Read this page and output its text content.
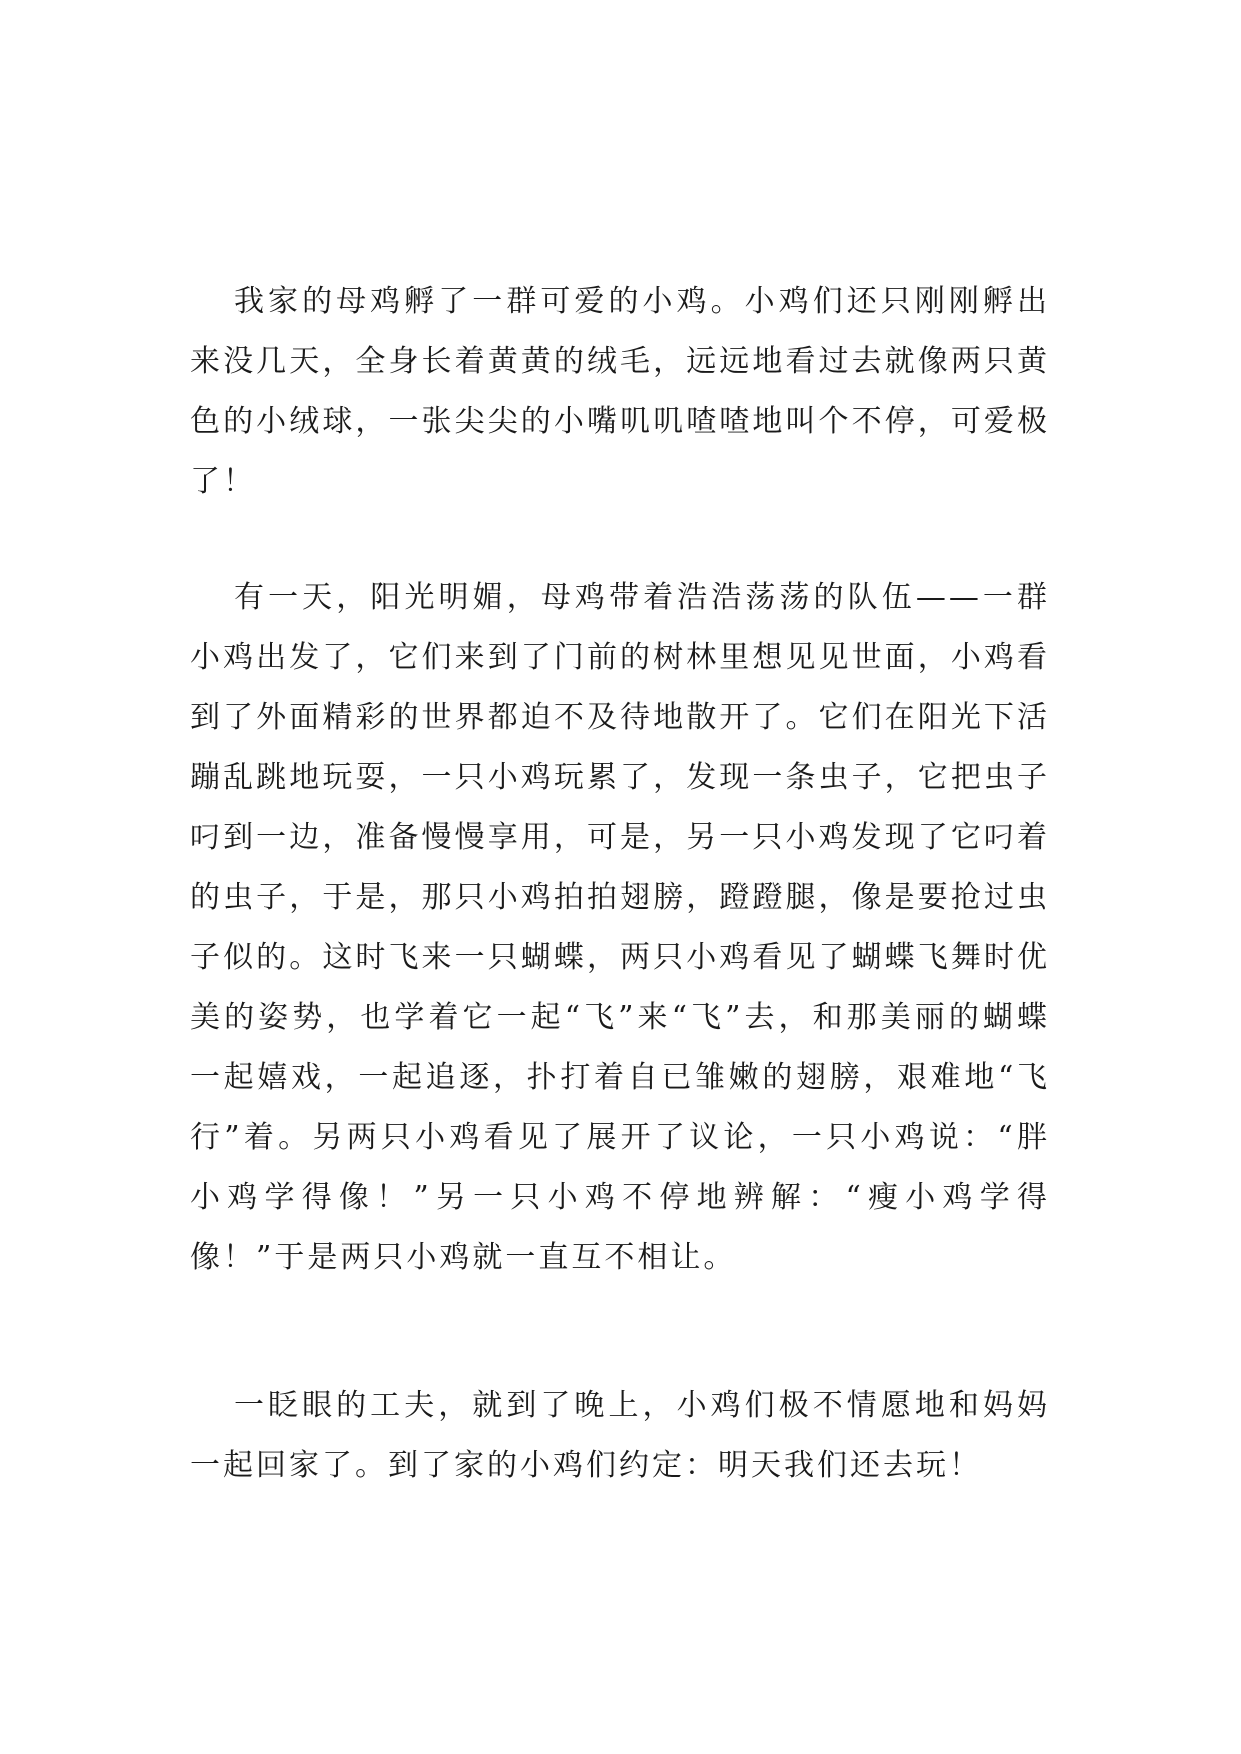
我家的母鸡孵了一群可爱的小鸡。小鸡们还只刚刚孵出来没几天，全身长着黄黄的绒毛，远远地看过去就像两只黄色的小绒球，一张尖尖的小嘴叽叽喳喳地叫个不停，可爱极了！

有一天，阳光明媚，母鸡带着浩浩荡荡的队伍——一群小鸡出发了，它们来到了门前的树林里想见见世面，小鸡看到了外面精彩的世界都迫不及待地散开了。它们在阳光下活蹦乱跳地玩耍，一只小鸡玩累了，发现一条虫子，它把虫子叼到一边，准备慢慢享用，可是，另一只小鸡发现了它叼着的虫子，于是，那只小鸡拍拍翅膀，蹬蹬腿，像是要抢过虫子似的。这时飞来一只蝴蝶，两只小鸡看见了蝴蝶飞舞时优美的姿势，也学着它一起“飞”来“飞”去，和那美丽的蝴蝶一起嬉戏，一起追逐，扑打着自已雏嫩的翅膀，艰难地“飞行”着。另两只小鸡看见了展开了议论，一只小鸡说：“胖小鸡学得像！”另一只小鸡不停地辨解：“瘦小鸡学得像！”于是两只小鸡就一直互不相让。

一眨眼的工夫，就到了晚上，小鸡们极不情愿地和妈妈一起回家了。到了家的小鸡们约定：明天我们还去玩！
